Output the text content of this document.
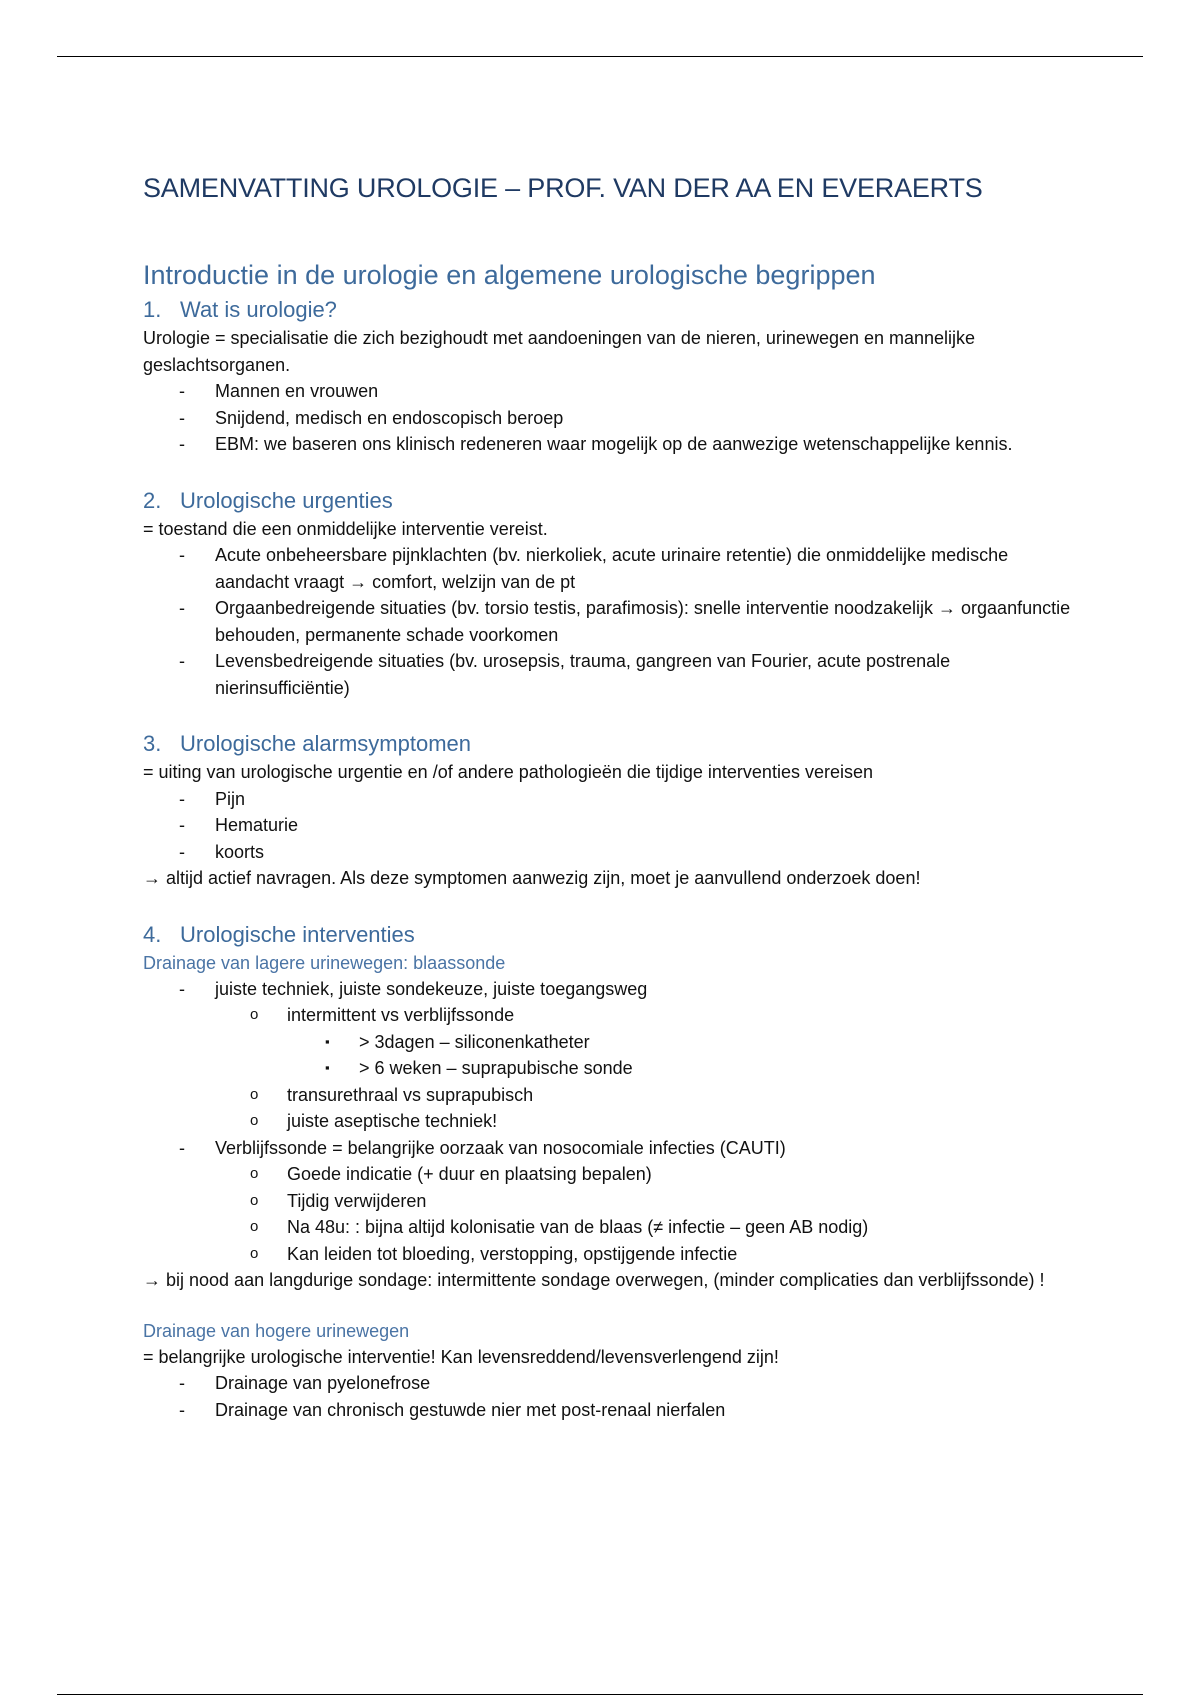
SAMENVATTING UROLOGIE – PROF. VAN DER AA EN EVERAERTS
Introductie in de urologie en algemene urologische begrippen
1. Wat is urologie?

Urologie = specialisatie die zich bezighoudt met aandoeningen van de nieren, urinewegen en mannelijke geslachtsorganen.

- Mannen en vrouwen
- Snijdend, medisch en endoscopisch beroep
- EBM: we baseren ons klinisch redeneren waar mogelijk op de aanwezige wetenschappelijke kennis.
2. Urologische urgenties

= toestand die een onmiddelijke interventie vereist.

- Acute onbeheersbare pijnklachten (bv. nierkoliek, acute urinaire retentie) die onmiddelijke medische aandacht vraagt → comfort, welzijn van de pt
- Orgaanbedreigende situaties (bv. torsio testis, parafimosis): snelle interventie noodzakelijk → orgaanfunctie behouden, permanente schade voorkomen
- Levensbedreigende situaties (bv. urosepsis, trauma, gangreen van Fourier, acute postrenale nierinsufficiëntie)
3. Urologische alarmsymptomen

= uiting van urologische urgentie en /of andere pathologieën die tijdige interventies vereisen

- Pijn
- Hematurie
- koorts

→ altijd actief navragen. Als deze symptomen aanwezig zijn, moet je aanvullend onderzoek doen!

4. Urologische interventies
Drainage van lagere urinewegen: blaassonde
- juiste techniek, juiste sondekeuze, juiste toegangsweg
o intermittent vs verblijfssonde
▪ > 3dagen – siliconenkatheter
▪ > 6 weken – suprapubische sonde
o transurethraal vs suprapubisch
o juiste aseptische techniek!
- Verblijfssonde = belangrijke oorzaak van nosocomiale infecties (CAUTI)
o Goede indicatie (+ duur en plaatsing bepalen)
o Tijdig verwijderen
o Na 48u: : bijna altijd kolonisatie van de blaas (≠ infectie – geen AB nodig)
o Kan leiden tot bloeding, verstopping, opstijgende infectie

→ bij nood aan langdurige sondage: intermittente sondage overwegen, (minder complicaties dan verblijfssonde) !

Drainage van hogere urinewegen

= belangrijke urologische interventie! Kan levensreddend/levensverlengend zijn!

- Drainage van pyelonefrose
- Drainage van chronisch gestuwde nier met post-renaal nierfalen
